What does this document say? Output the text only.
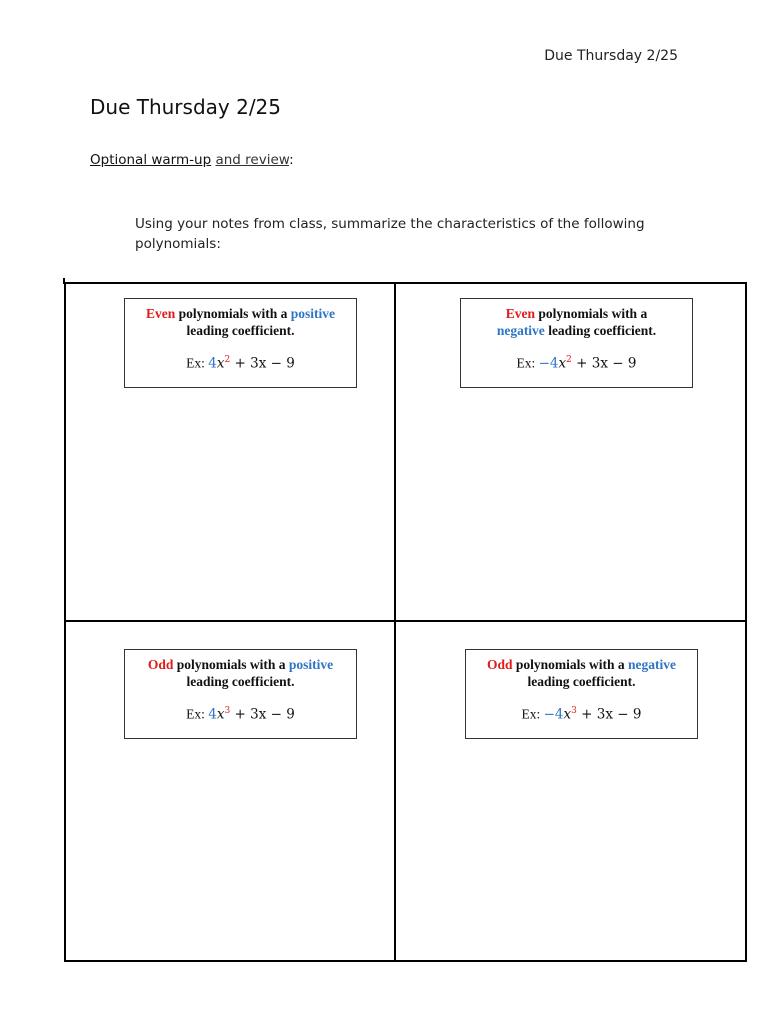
Due Thursday 2/25
Due Thursday 2/25
Optional warm-up and review:
Using your notes from class, summarize the characteristics of the following polynomials:
Even polynomials with a positive
leading coefficient.
Ex: $4x^2 + 3x - 9$
Even polynomials with a
negative leading coefficient.
Ex: $-4x^2 + 3x - 9$
Odd polynomials with a positive
leading coefficient.
Ex: $4x^3 + 3x - 9$
Odd polynomials with a negative
leading coefficient.
Ex: $-4x^3 + 3x - 9$
